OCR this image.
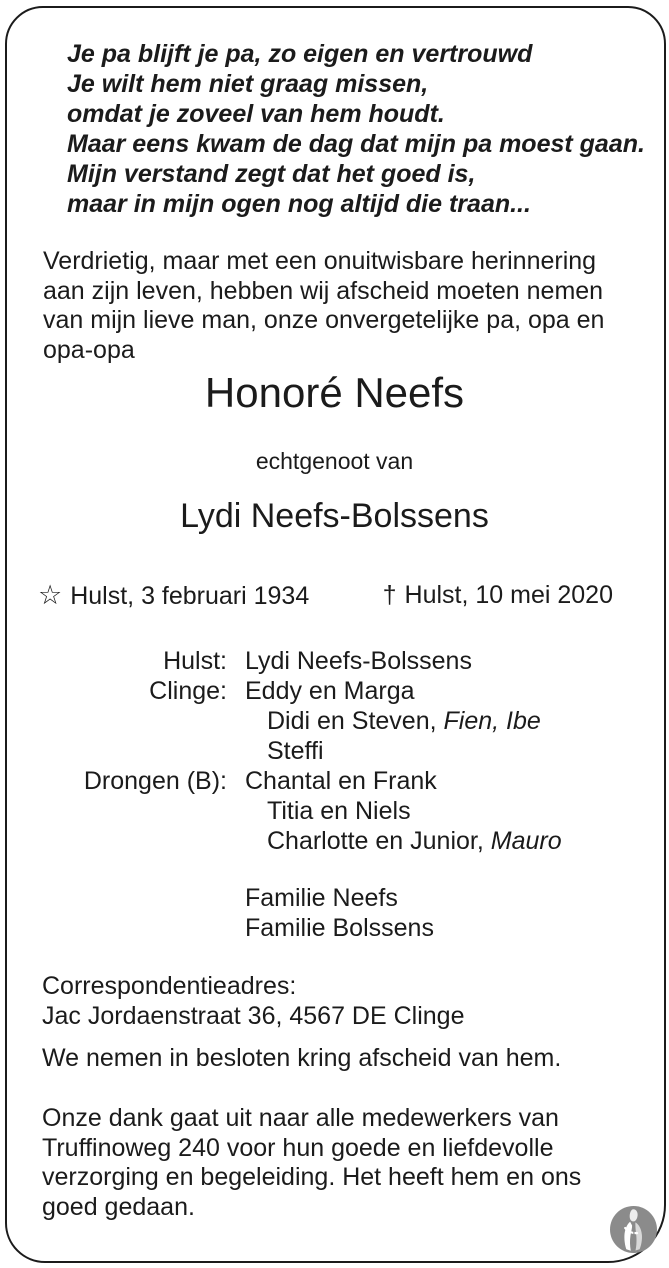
Je pa blijft je pa, zo eigen en vertrouwd
Je wilt hem niet graag missen,
omdat je zoveel van hem houdt.
Maar eens kwam de dag dat mijn pa moest gaan.
Mijn verstand zegt dat het goed is,
maar in mijn ogen nog altijd die traan...
Verdrietig, maar met een onuitwisbare herinnering
aan zijn leven, hebben wij afscheid moeten nemen
van mijn lieve man, onze onvergetelijke pa, opa en
opa-opa
Honoré Neefs
echtgenoot van
Lydi Neefs-Bolssens
☆ Hulst, 3 februari 1934	† Hulst, 10 mei 2020
Hulst: Lydi Neefs-Bolssens
Clinge: Eddy en Marga
Didi en Steven, Fien, Ibe
Steffi
Drongen (B): Chantal en Frank
Titia en Niels
Charlotte en Junior, Mauro
Familie Neefs
Familie Bolssens
Correspondentieadres:
Jac Jordaenstraat 36, 4567 DE Clinge
We nemen in besloten kring afscheid van hem.
Onze dank gaat uit naar alle medewerkers van
Truffinoweg 240 voor hun goede en liefdevolle
verzorging en begeleiding. Het heeft hem en ons
goed gedaan.
